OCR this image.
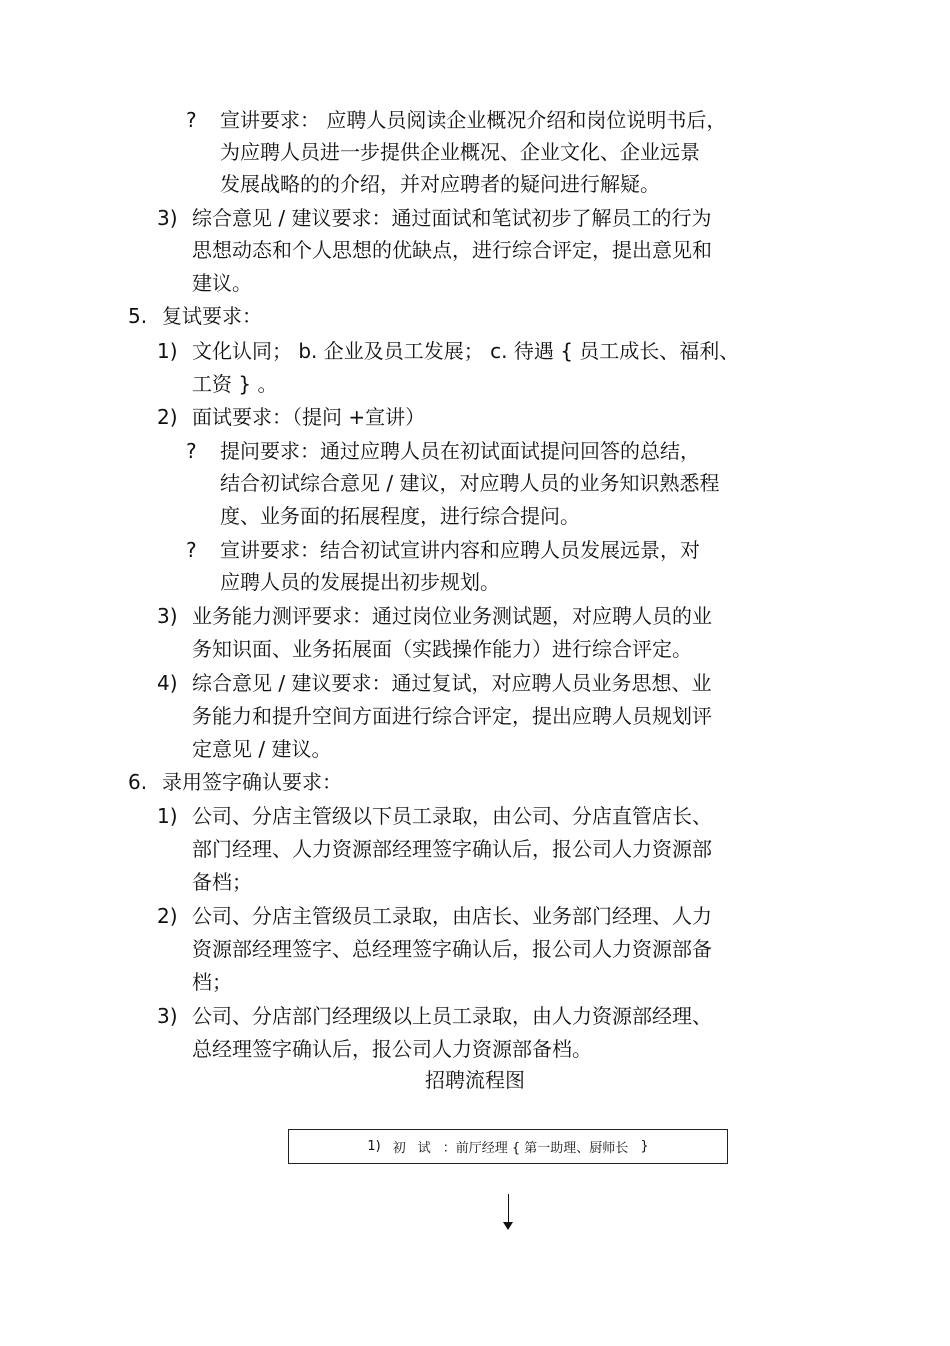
? 宣讲要求： 应聘人员阅读企业概况介绍和岗位说明书后，
为应聘人员进一步提供企业概况、企业文化、企业远景
发展战略的的介绍，并对应聘者的疑问进行解疑。
3) 综合意见 / 建议要求：通过面试和笔试初步了解员工的行为
思想动态和个人思想的优缺点，进行综合评定，提出意见和
建议。
5. 复试要求：
1) 文化认同； b. 企业及员工发展； c. 待遇 { 员工成长、福利、
工资 } 。
2) 面试要求：（提问 +宣讲）
? 提问要求：通过应聘人员在初试面试提问回答的总结，
结合初试综合意见 / 建议，对应聘人员的业务知识熟悉程
度、业务面的拓展程度，进行综合提问。
? 宣讲要求：结合初试宣讲内容和应聘人员发展远景，对
应聘人员的发展提出初步规划。
3) 业务能力测评要求：通过岗位业务测试题，对应聘人员的业
务知识面、业务拓展面（实践操作能力）进行综合评定。
4) 综合意见 / 建议要求：通过复试，对应聘人员业务思想、业
务能力和提升空间方面进行综合评定，提出应聘人员规划评
定意见 / 建议。
6. 录用签字确认要求：
1) 公司、分店主管级以下员工录取，由公司、分店直管店长、
部门经理、人力资源部经理签字确认后，报公司人力资源部
备档；
2) 公司、分店主管级员工录取，由店长、业务部门经理、人力
资源部经理签字、总经理签字确认后，报公司人力资源部备
档；
3) 公司、分店部门经理级以上员工录取，由人力资源部经理、
总经理签字确认后，报公司人力资源部备档。
招聘流程图
1) 初 试 ：前厅经理 { 第一助理、厨师长 }
